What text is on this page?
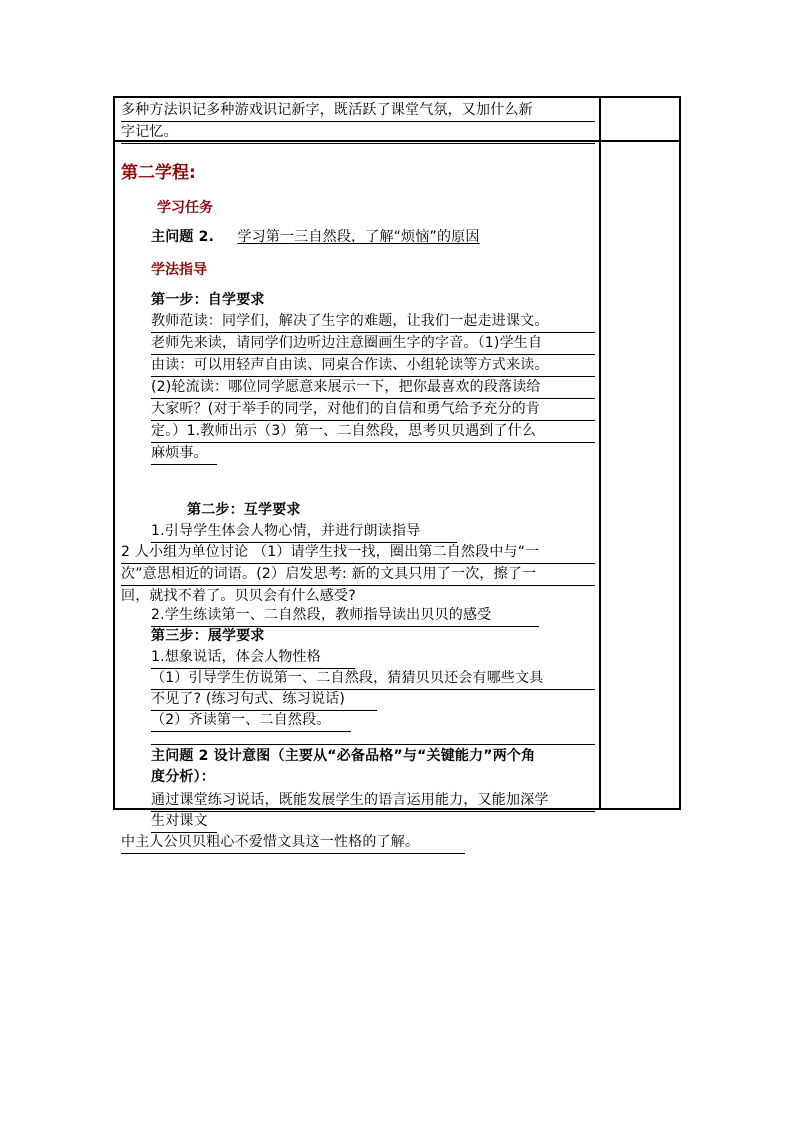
多种方法识记多种游戏识记新字，既活跃了课堂气氛，又加什么新
字记忆。
第二学程:
学习任务
主问题 2. 学习第一三自然段，了解“烦恼”的原因
学法指导
第一步：自学要求
教师范读：同学们，解决了生字的难题，让我们一起走进课文。
老师先来读，请同学们边听边注意圈画生字的字音。（1)学生自
由读：可以用轻声自由读、同桌合作读、小组轮读等方式来读。
(2)轮流读：哪位同学愿意来展示一下，把你最喜欢的段落读给
大家听？(对于举手的同学，对他们的自信和勇气给予充分的肯
定。）1.教师出示（3）第一、二自然段，思考贝贝遇到了什么
麻烦事。
第二步：互学要求
1.引导学生体会人物心情，并进行朗读指导
2 人小组为单位讨论 （1）请学生找一找，圈出第二自然段中与“一
次”意思相近的词语。(2）启发思考: 新的文具只用了一次，擦了一
回，就找不着了。贝贝会有什么感受?
2.学生练读第一、二自然段，教师指导读出贝贝的感受
第三步：展学要求
1.想象说话，体会人物性格
（1）引导学生仿说第一、二自然段，猜猜贝贝还会有哪些文具
不见了? (练习句式、练习说话)
（2）齐读第一、二自然段。
主问题 2 设计意图（主要从“必备品格”与“关键能力”两个角
度分析）：
通过课堂练习说话，既能发展学生的语言运用能力，又能加深学
生对课文
中主人公贝贝粗心不爱惜文具这一性格的了解。
